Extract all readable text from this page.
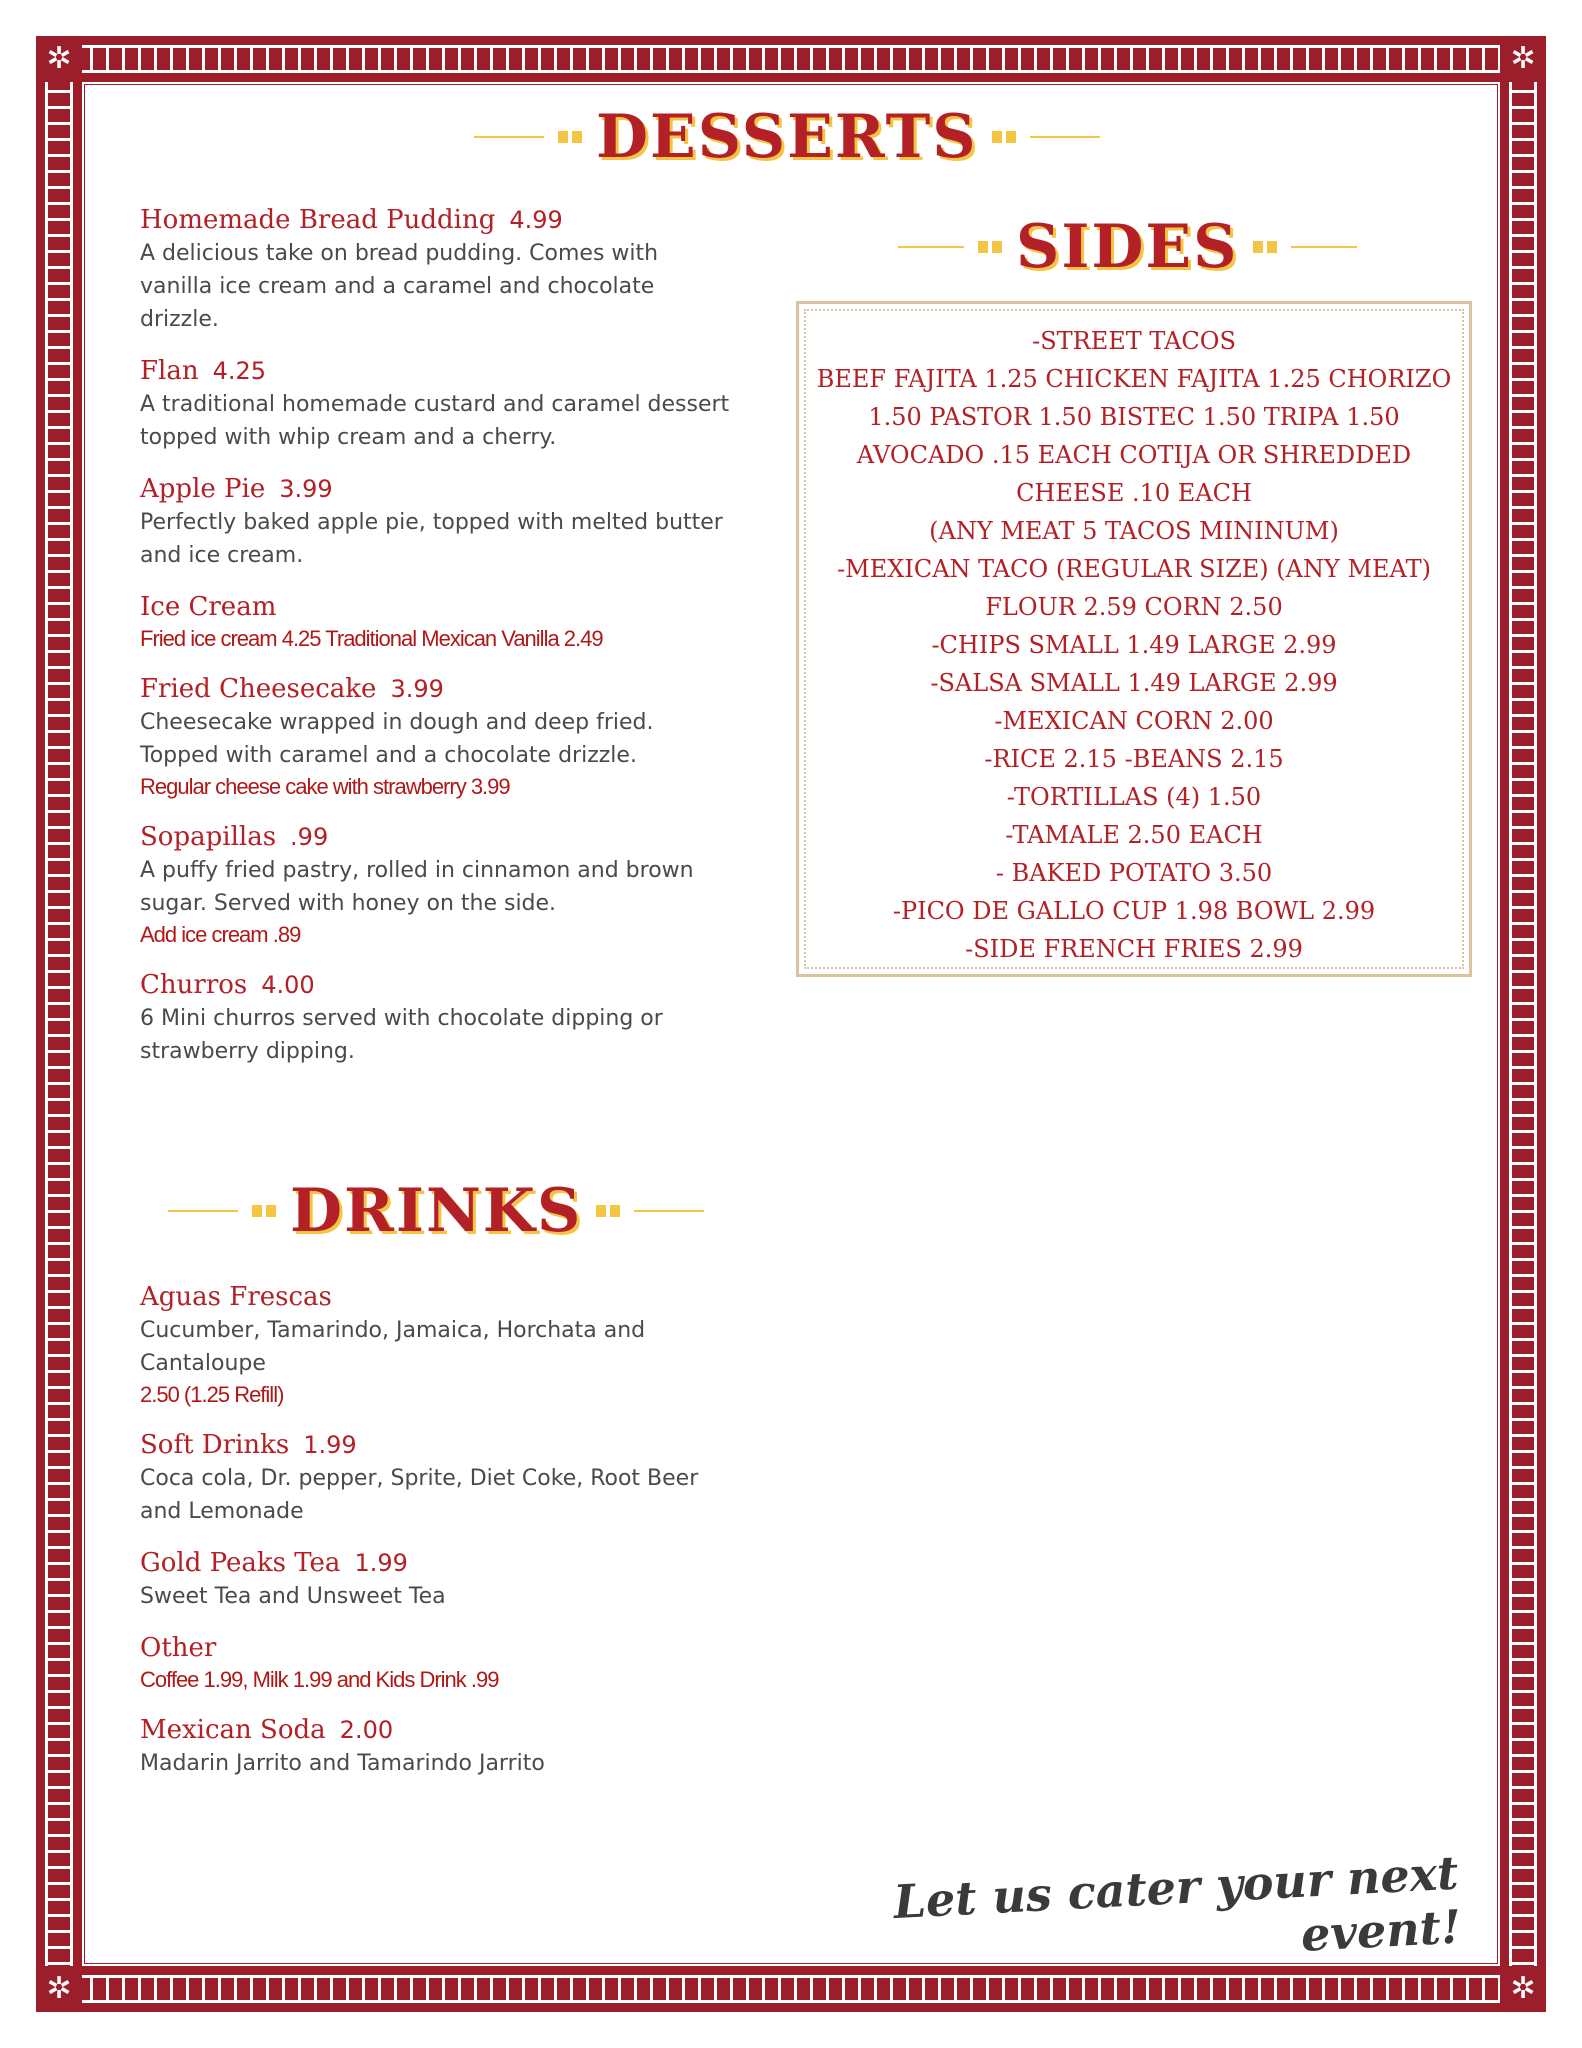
✲	✲
✲	✲
DESSERTS
Homemade Bread Pudding 4.99
A delicious take on bread pudding. Comes with vanilla ice cream and a caramel and chocolate drizzle.
Flan 4.25
A traditional homemade custard and caramel dessert topped with whip cream and a cherry.
Apple Pie 3.99
Perfectly baked apple pie, topped with melted butter and ice cream.
Ice Cream
Fried ice cream 4.25 Traditional Mexican Vanilla 2.49
Fried Cheesecake 3.99
Cheesecake wrapped in dough and deep fried. Topped with caramel and a chocolate drizzle.
Regular cheese cake with strawberry 3.99
Sopapillas .99
A puffy fried pastry, rolled in cinnamon and brown sugar. Served with honey on the side.
Add ice cream .89
Churros 4.00
6 Mini churros served with chocolate dipping or strawberry dipping.
DRINKS
Aguas Frescas
Cucumber, Tamarindo, Jamaica, Horchata and Cantaloupe
2.50 (1.25 Refill)
Soft Drinks 1.99
Coca cola, Dr. pepper, Sprite, Diet Coke, Root Beer and Lemonade
Gold Peaks Tea 1.99
Sweet Tea and Unsweet Tea
Other
Coffee 1.99, Milk 1.99 and Kids Drink .99
Mexican Soda 2.00
Madarin Jarrito and Tamarindo Jarrito
SIDES
-STREET TACOS
BEEF FAJITA 1.25 CHICKEN FAJITA 1.25 CHORIZO
1.50 PASTOR 1.50 BISTEC 1.50 TRIPA 1.50
AVOCADO .15 EACH COTIJA OR SHREDDED
CHEESE .10 EACH
(ANY MEAT 5 TACOS MININUM)
-MEXICAN TACO (REGULAR SIZE) (ANY MEAT)
FLOUR 2.59 CORN 2.50
-CHIPS SMALL 1.49 LARGE 2.99
-SALSA SMALL 1.49 LARGE 2.99
-MEXICAN CORN 2.00
-RICE 2.15 -BEANS 2.15
-TORTILLAS (4) 1.50
-TAMALE 2.50 EACH
- BAKED POTATO 3.50
-PICO DE GALLO CUP 1.98 BOWL 2.99
-SIDE FRENCH FRIES 2.99
Let us cater your next event!
